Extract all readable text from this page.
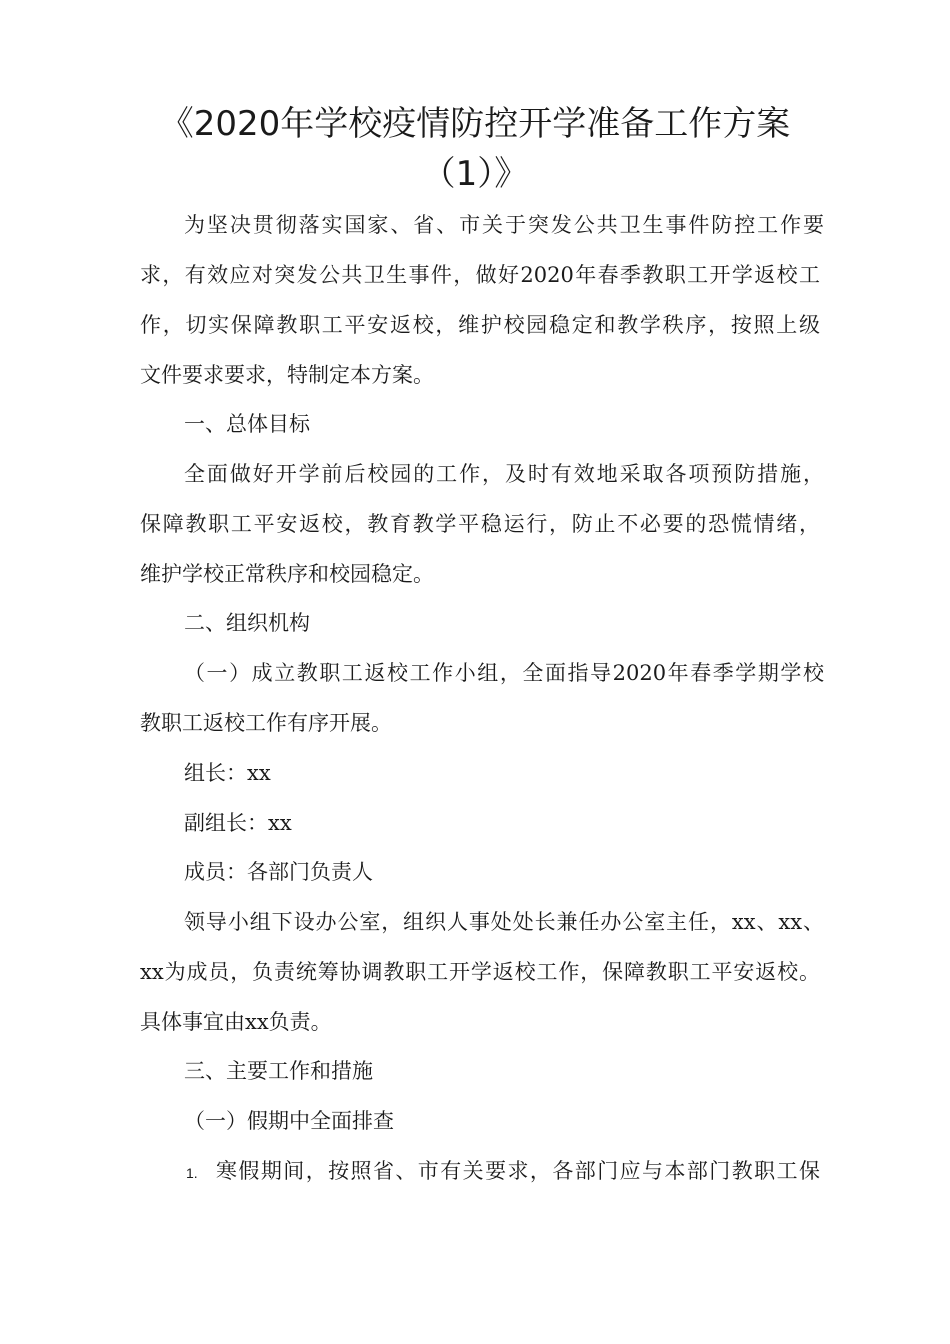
《2020年学校疫情防控开学准备工作方案
（1）》
为坚决贯彻落实国家、省、市关于突发公共卫生事件防控工作要
求，有效应对突发公共卫生事件，做好2020年春季教职工开学返校工
作，切实保障教职工平安返校，维护校园稳定和教学秩序，按照上级
文件要求要求，特制定本方案。
一、总体目标
全面做好开学前后校园的工作，及时有效地采取各项预防措施，
保障教职工平安返校，教育教学平稳运行，防止不必要的恐慌情绪，
维护学校正常秩序和校园稳定。
二、组织机构
（一）成立教职工返校工作小组，全面指导2020年春季学期学校
教职工返校工作有序开展。
组长：xx
副组长：xx
成员：各部门负责人
领导小组下设办公室，组织人事处处长兼任办公室主任，xx、xx、
xx为成员，负责统筹协调教职工开学返校工作，保障教职工平安返校。
具体事宜由xx负责。
三、主要工作和措施
（一）假期中全面排查
1. 寒假期间，按照省、市有关要求，各部门应与本部门教职工保
